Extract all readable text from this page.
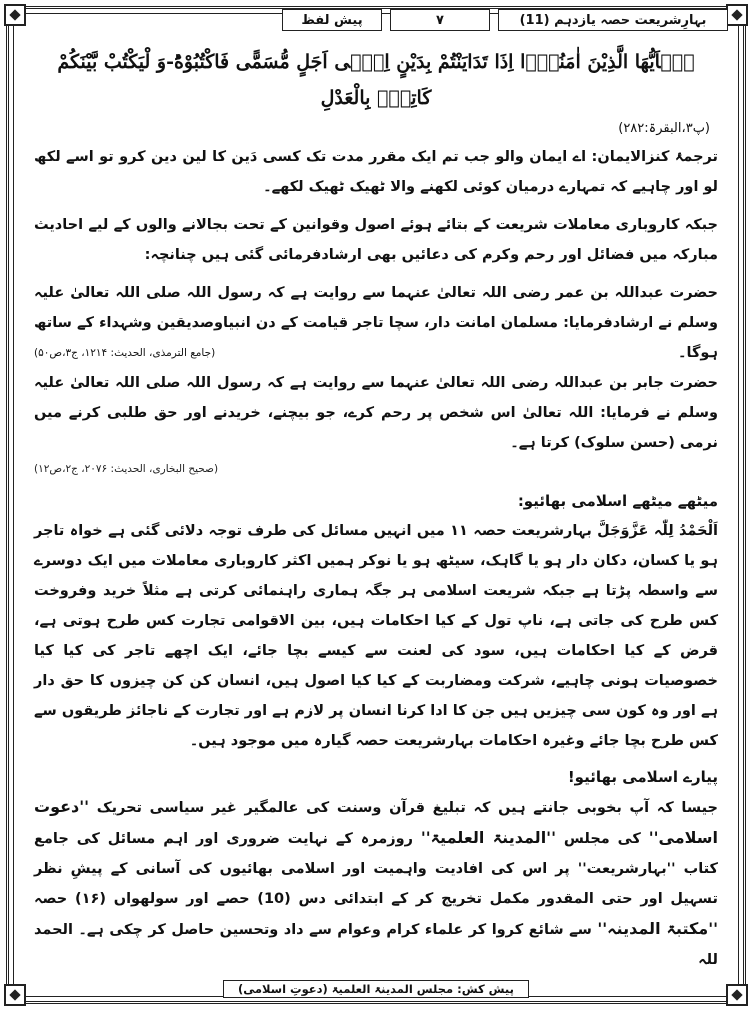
بہارِشریعت حصہ یازدہم (11)
۷
پیش لفظ

یٰۤاَیُّهَا الَّذِیْنَ اٰمَنُوْۤا اِذَا تَدَایَنْتُمْ بِدَیْنٍ اِلٰۤى اَجَلٍ مُّسَمًّى فَاكْتُبُوْهُؕ-وَ لْیَكْتُبْ بَّیْنَكُمْ كَاتِبٌۢ بِالْعَدْلِ

(پ۳،البقرۃ:۲۸۲)

ترجمۂ کنزالایمان: اے ایمان والو جب تم ایک مقرر مدت تک کسی دَین کا لین دین کرو تو اسے لکھ لو اور چاہیے کہ تمہارے درمیان کوئی لکھنے والا ٹھیک ٹھیک لکھے۔

جبکہ کاروباری معاملات شریعت کے بتائے ہوئے اصول وقوانین کے تحت بجالانے والوں کے لیے احادیث مبارکہ میں فضائل اور رحم وکرم کی دعائیں بھی ارشادفرمائی گئی ہیں چنانچہ:

حضرت عبداللہ بن عمر رضی اللہ تعالیٰ عنہما سے روایت ہے کہ رسول اللہ صلی اللہ تعالیٰ علیہ وسلم نے ارشادفرمایا: مسلمان امانت دار، سچا تاجر قیامت کے دن انبیاوصدیقین وشہداء کے ساتھ ہوگا۔
(جامع الترمذی، الحدیث: ۱۲۱۴، ج۳،ص۵۰)

حضرت جابر بن عبداللہ رضی اللہ تعالیٰ عنہما سے روایت ہے کہ رسول اللہ صلی اللہ تعالیٰ علیہ وسلم نے فرمایا: اللہ تعالیٰ اس شخص پر رحم کرے، جو بیچنے، خریدنے اور حق طلبی کرنے میں نرمی (حسن سلوک) کرتا ہے۔

(صحیح البخاری، الحدیث: ۲۰۷۶، ج۲،ص۱۲)
میٹھے میٹھے اسلامی بھائیو:

اَلْحَمْدُ لِلّٰہ عَزَّوَجَلَّ بہارشریعت حصہ ۱۱ میں انہیں مسائل کی طرف توجہ دلائی گئی ہے خواہ تاجر ہو یا کسان، دکان دار ہو یا گاہک، سیٹھ ہو یا نوکر ہمیں اکثر کاروباری معاملات میں ایک دوسرے سے واسطہ پڑتا ہے جبکہ شریعت اسلامی ہر جگہ ہماری راہنمائی کرتی ہے مثلاً خرید وفروخت کس طرح کی جاتی ہے، ناپ تول کے کیا احکامات ہیں، بین الاقوامی تجارت کس طرح ہوتی ہے، قرض کے کیا احکامات ہیں، سود کی لعنت سے کیسے بچا جائے، ایک اچھے تاجر کی کیا کیا خصوصیات ہونی چاہیے، شرکت ومضاربت کے کیا کیا اصول ہیں، انسان کن کن چیزوں کا حق دار ہے اور وہ کون سی چیزیں ہیں جن کا ادا کرنا انسان پر لازم ہے اور تجارت کے ناجائز طریقوں سے کس طرح بچا جائے وغیرہ احکامات بہارشریعت حصہ گیارہ میں موجود ہیں۔

پیارے اسلامی بھائیو!

جیسا کہ آپ بخوبی جانتے ہیں کہ تبلیغ قرآن وسنت کی عالمگیر غیر سیاسی تحریک ''دعوت اسلامی'' کی مجلس ''المدینۃ العلمیۃ'' روزمرہ کے نہایت ضروری اور اہم مسائل کی جامع کتاب ''بہارشریعت'' پر اس کی افادیت واہمیت اور اسلامی بھائیوں کی آسانی کے پیشِ نظر تسہیل اور حتی المقدور مکمل تخریج کر کے ابتدائی دس (10) حصے اور سولھواں (۱۶) حصہ ''مکتبۃ المدینہ'' سے شائع کروا کر علماء کرام وعوام سے داد وتحسین حاصل کر چکی ہے۔ الحمد للہ

پیش کش: مجلس المدینۃ العلمیۃ (دعوتِ اسلامی)
